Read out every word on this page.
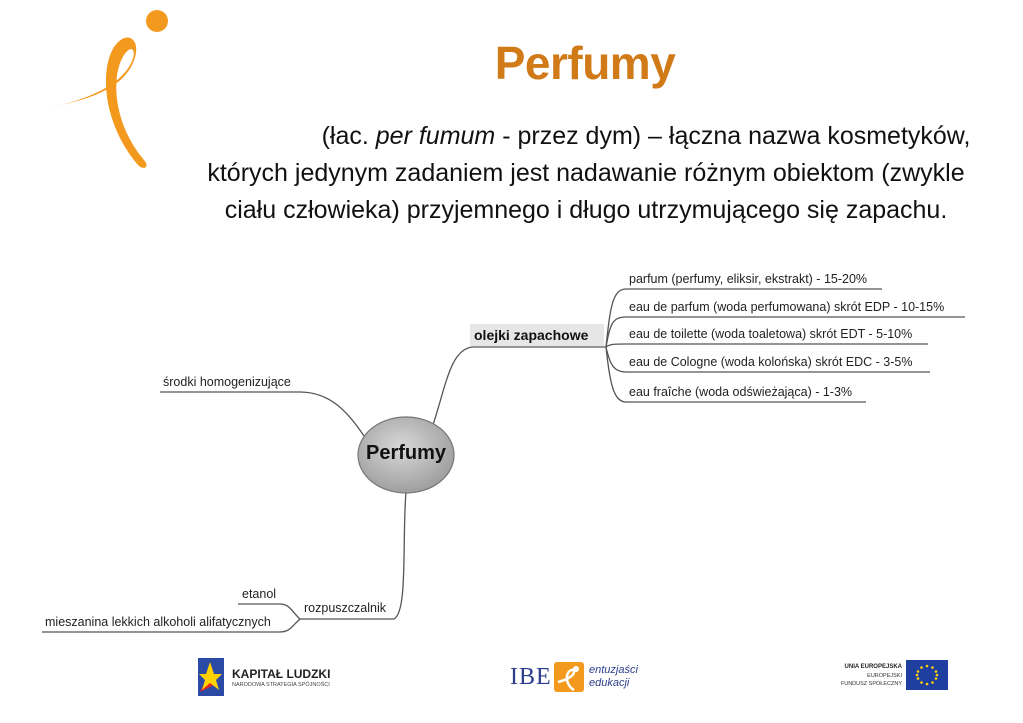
Perfumy
(łac. per fumum - przez dym) – łączna nazwa kosmetyków, których jedynym zadaniem jest nadawanie różnym obiektom (zwykle ciału człowieka) przyjemnego i długo utrzymującego się zapachu.
Perfumy
olejki zapachowe
parfum (perfumy, eliksir, ekstrakt) - 15-20%
eau de parfum (woda perfumowana) skrót EDP - 10-15%
eau de toilette (woda toaletowa) skrót EDT - 5-10%
eau de Cologne (woda kolońska) skrót EDC - 3-5%
eau fraîche (woda odświeżająca) - 1-3%
środki homogenizujące
rozpuszczalnik
etanol
mieszanina lekkich alkoholi alifatycznych
KAPITAŁ LUDZKI
NARODOWA STRATEGIA SPÓJNOŚCI	IBE	entuzjaści
edukacji
UNIA EUROPEJSKA
EUROPEJSKI
FUNDUSZ SPOŁECZNY
